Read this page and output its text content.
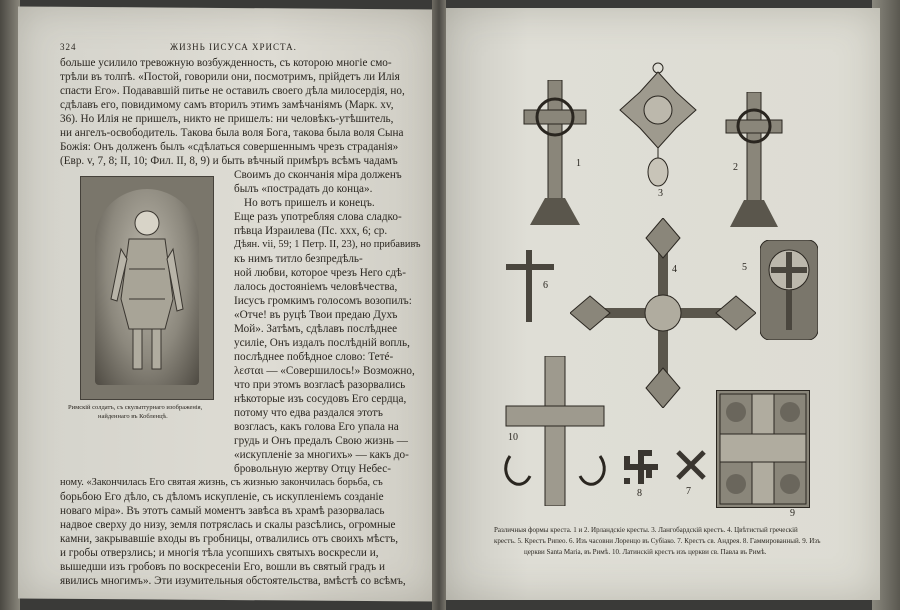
324	ЖИЗНЬ ІИСУСА ХРИСТА.
больше усилило тревожную возбужденность, съ которою многіе смо-
трѣли въ толпѣ. «Постой, говорили они, посмотримъ, прійдетъ ли Илія
спасти Его». Подававшій питье не оставилъ своего дѣла милосердія, но,
сдѣлавъ его, повидимому самъ вторилъ этимъ замѣчаніямъ (Марк. xv,
36). Но Илія не пришелъ, никто не пришелъ: ни человѣкъ-утѣшитель,
ни ангелъ-освободитель. Такова была воля Бога, такова была воля Сына
Божія: Онъ долженъ былъ «сдѣлаться совершеннымъ чрезъ страданія»
(Евр. v, 7, 8; II, 10; Фил. II, 8, 9) и быть вѣчный примѣръ всѣмъ чадамъ
Своимъ до скончанія міра долженъ
былъ «пострадать до конца».
Но вотъ пришелъ и конецъ.
Еще разъ употребляя слова сладко-
пѣвца Израилева (Пс. xxx, 6; ср.
Дѣян. vii, 59; 1 Петр. II, 23), но прибавивъ
къ нимъ титло безпредѣль-
ной любви, которое чрезъ Него сдѣ-
лалось достояніемъ человѣчества,
Іисусъ громкимъ голосомъ возопилъ:
«Отче! въ руцѣ Твои предаю Духъ
Мой». Затѣмъ, сдѣлавъ послѣднее
усиліе, Онъ издалъ послѣдній вопль,
послѣднее побѣдное слово: Тетé-
λεσται — «Совершилось!» Возможно,
что при этомъ возгласѣ разорвались
нѣкоторые изъ сосудовъ Его сердца,
потому что едва раздался этотъ
возгласъ, какъ голова Его упала на
грудь и Онъ предалъ Свою жизнь —
«искупленіе за многихъ» — какъ до-
бровольную жертву Отцу Небес-
ному. «Закончилась Его святая жизнь, съ жизнью закончилась борьба, съ
борьбою Его дѣло, съ дѣломъ искупленіе, съ искупленіемъ созданіе
новаго міра». Въ этотъ самый моментъ завѣса въ храмѣ разорвалась
надвое сверху до низу, земля потряслась и скалы разсѣлись, огромные
камни, закрывавшіе входы въ гробницы, отвалились отъ своихъ мѣстъ,
и гробы отверзлись; и многія тѣла усопшихъ святыхъ воскресли и,
вышедши изъ гробовъ по воскресеніи Его, вошли въ святый градъ и
явились многимъ». Эти изумительныя обстоятельства, вмѣстѣ со всѣмъ,
Римскій солдатъ, съ скульптурнаго изображенія,
найденнаго въ Кобленцѣ.
1
3
2
6
4	5
10
8	7
9
Различныя формы креста. 1 и 2. Ирландскіе кресты. 3. Лангобардскій крестъ. 4. Цвѣтистый греческій
крестъ. 5. Крестъ Рипео. 6. Изъ часовни Лоренцо въ Субіако. 7. Крестъ св. Андрея. 8. Гаммированный. 9. Изъ
церкви Santa Maria, въ Римѣ. 10. Латинскій крестъ изъ церкви св. Павла въ Римѣ.
